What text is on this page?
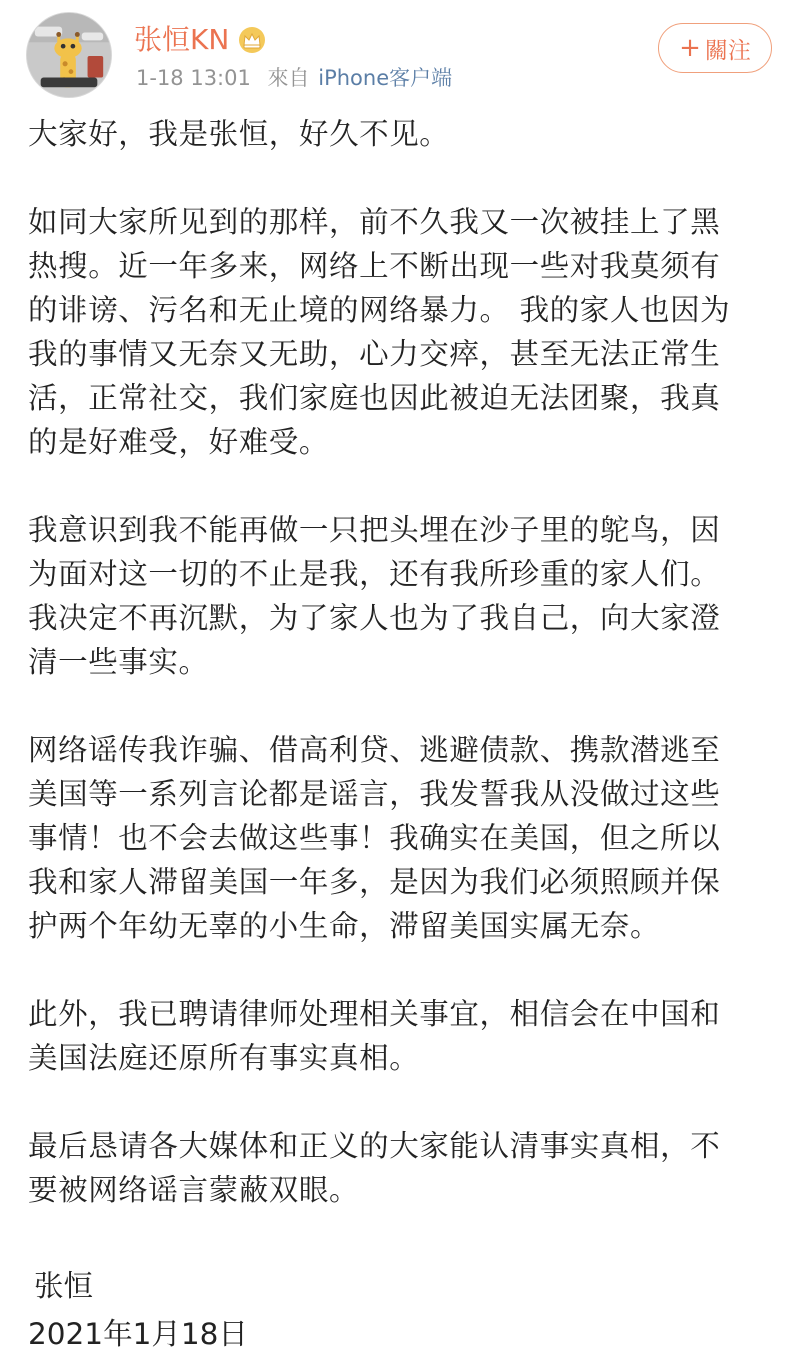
张恒KN
1-18 13:01 來自 iPhone客户端
+ 關注
大家好，我是张恒，好久不见。
如同大家所见到的那样，前不久我又一次被挂上了黑
热搜。近一年多来，网络上不断出现一些对我莫须有
的诽谤、污名和无止境的网络暴力。 我的家人也因为
我的事情又无奈又无助，心力交瘁，甚至无法正常生
活，正常社交，我们家庭也因此被迫无法团聚，我真
的是好难受，好难受。
我意识到我不能再做一只把头埋在沙子里的鸵鸟，因
为面对这一切的不止是我，还有我所珍重的家人们。
我决定不再沉默，为了家人也为了我自己，向大家澄
清一些事实。
网络谣传我诈骗、借高利贷、逃避债款、携款潜逃至
美国等一系列言论都是谣言，我发誓我从没做过这些
事情！也不会去做这些事！我确实在美国，但之所以
我和家人滞留美国一年多，是因为我们必须照顾并保
护两个年幼无辜的小生命，滞留美国实属无奈。
此外，我已聘请律师处理相关事宜，相信会在中国和
美国法庭还原所有事实真相。
最后恳请各大媒体和正义的大家能认清事实真相，不
要被网络谣言蒙蔽双眼。
张恒
2021年1月18日
